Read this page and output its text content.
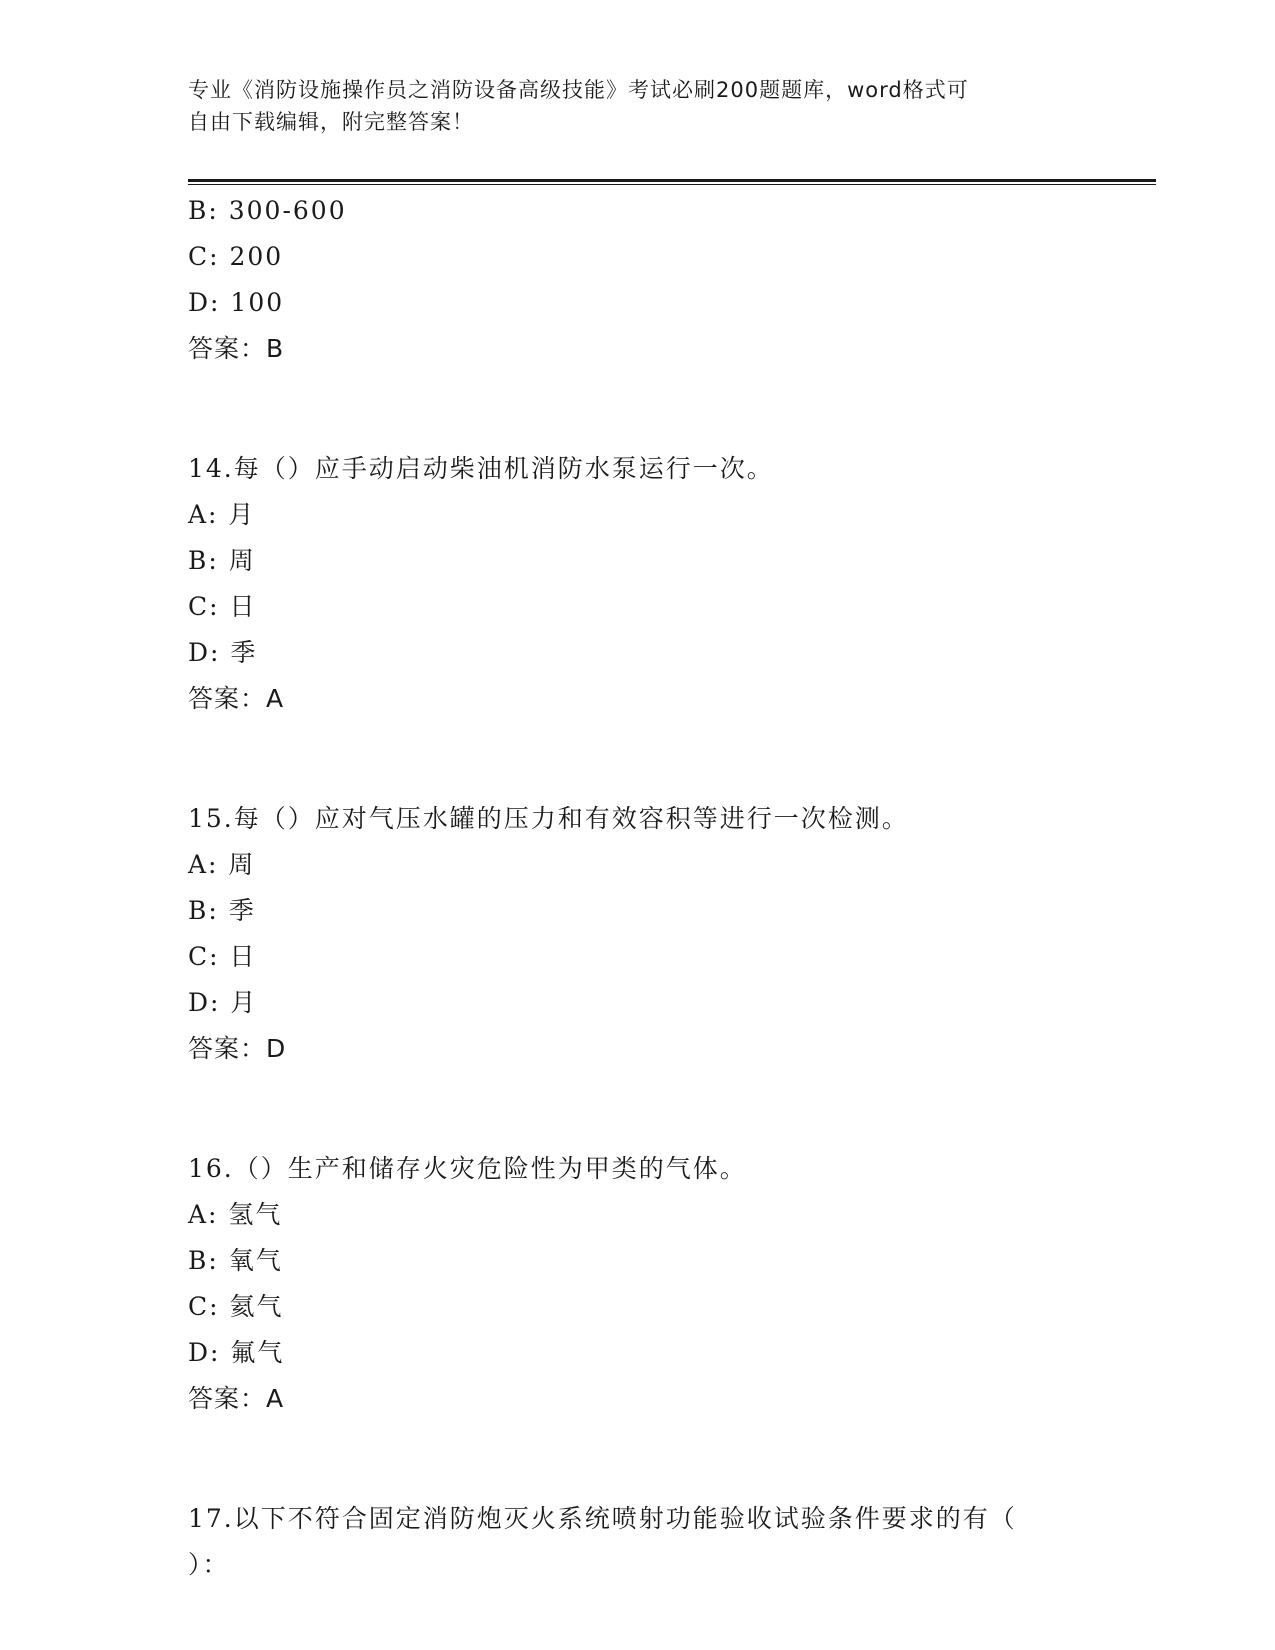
专业《消防设施操作员之消防设备高级技能》考试必刷200题题库，word格式可
自由下载编辑，附完整答案！
B: 300-600
C: 200
D: 100
答案：B
14.每（）应手动启动柴油机消防水泵运行一次。
A: 月
B: 周
C: 日
D: 季
答案：A
15.每（）应对气压水罐的压力和有效容积等进行一次检测。
A: 周
B: 季
C: 日
D: 月
答案：D
16.（）生产和储存火灾危险性为甲类的气体。
A: 氢气
B: 氧气
C: 氦气
D: 氟气
答案：A
17.以下不符合固定消防炮灭火系统喷射功能验收试验条件要求的有（
）：
